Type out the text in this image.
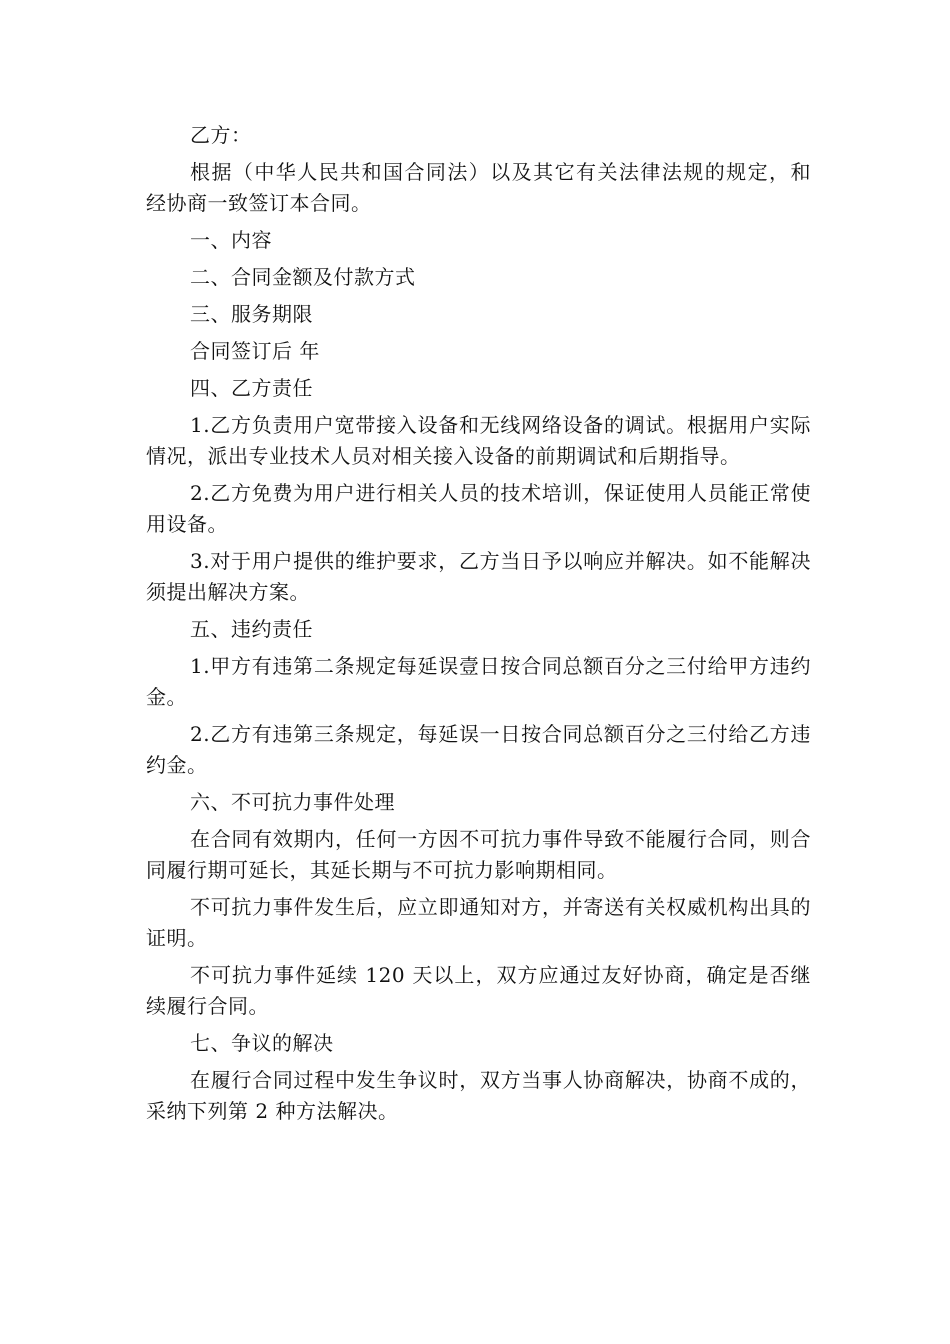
乙方：

根据（中华人民共和国合同法）以及其它有关法律法规的规定，和 经协商一致签订本合同。

一、内容

二、合同金额及付款方式

三、服务期限

合同签订后 年

四、乙方责任

1.乙方负责用户宽带接入设备和无线网络设备的调试。根据用户实际情况，派出专业技术人员对相关接入设备的前期调试和后期指导。

2.乙方免费为用户进行相关人员的技术培训，保证使用人员能正常使用设备。

3.对于用户提供的维护要求，乙方当日予以响应并解决。如不能解决须提出解决方案。

五、违约责任

1.甲方有违第二条规定每延误壹日按合同总额百分之三付给甲方违约金。

2.乙方有违第三条规定，每延误一日按合同总额百分之三付给乙方违约金。

六、不可抗力事件处理

在合同有效期内，任何一方因不可抗力事件导致不能履行合同，则合同履行期可延长，其延长期与不可抗力影响期相同。

不可抗力事件发生后，应立即通知对方，并寄送有关权威机构出具的证明。

不可抗力事件延续 120 天以上，双方应通过友好协商，确定是否继续履行合同。

七、争议的解决

在履行合同过程中发生争议时，双方当事人协商解决，协商不成的，采纳下列第 2 种方法解决。
